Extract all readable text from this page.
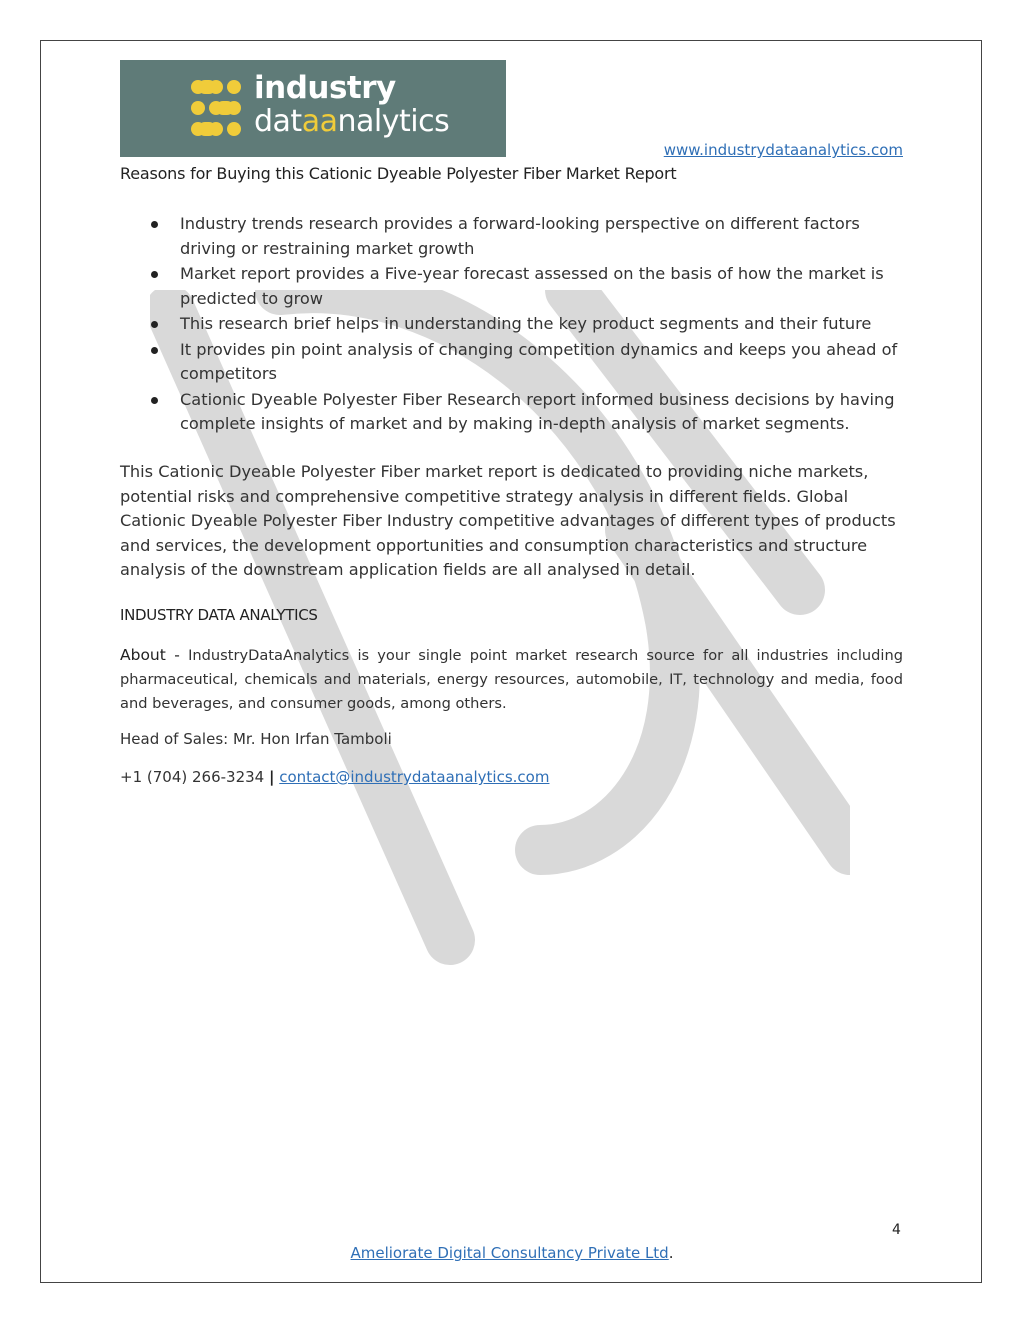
industry
dataanalytics
www.industrydataanalytics.com
Reasons for Buying this Cationic Dyeable Polyester Fiber Market Report
Industry trends research provides a forward-looking perspective on different factors driving or restraining market growth
Market report provides a Five-year forecast assessed on the basis of how the market is predicted to grow
This research brief helps in understanding the key product segments and their future
It provides pin point analysis of changing competition dynamics and keeps you ahead of competitors
Cationic Dyeable Polyester Fiber Research report informed business decisions by having complete insights of market and by making in-depth analysis of market segments.

This Cationic Dyeable Polyester Fiber market report is dedicated to providing niche markets, potential risks and comprehensive competitive strategy analysis in different fields. Global Cationic Dyeable Polyester Fiber Industry competitive advantages of different types of products and services, the development opportunities and consumption characteristics and structure analysis of the downstream application fields are all analysed in detail.

INDUSTRY DATA ANALYTICS

About - IndustryDataAnalytics is your single point market research source for all industries including pharmaceutical, chemicals and materials, energy resources, automobile, IT, technology and media, food and beverages, and consumer goods, among others.

Head of Sales: Mr. Hon Irfan Tamboli
+1 (704) 266-3234 | contact@industrydataanalytics.com
4
Ameliorate Digital Consultancy Private Ltd.
